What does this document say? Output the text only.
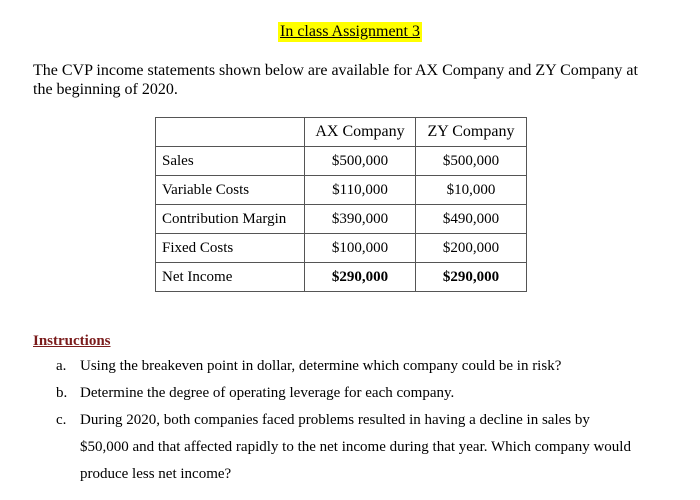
In class Assignment 3
The CVP income statements shown below are available for AX Company and ZY Company at the beginning of 2020.
	AX Company	ZY Company
Sales	$500,000	$500,000
Variable Costs	$110,000	$10,000
Contribution Margin	$390,000	$490,000
Fixed Costs	$100,000	$200,000
Net Income	$290,000	$290,000
Instructions
a. Using the breakeven point in dollar, determine which company could be in risk?
b. Determine the degree of operating leverage for each company.
c. During 2020, both companies faced problems resulted in having a decline in sales by $50,000 and that affected rapidly to the net income during that year. Which company would produce less net income?
